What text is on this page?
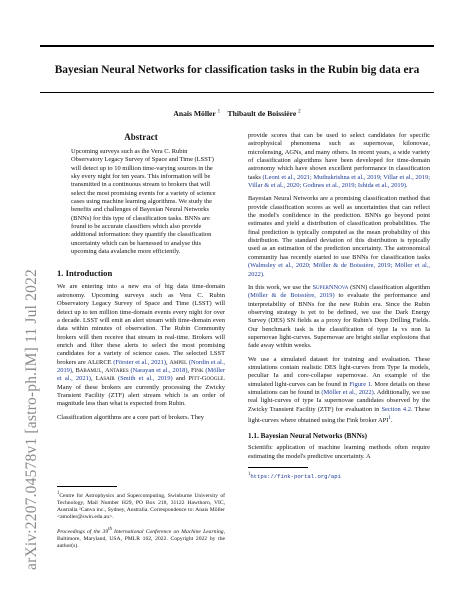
arXiv:2207.04578v1 [astro-ph.IM] 11 Jul 2022
Bayesian Neural Networks for classification tasks in the Rubin big data era
Anais Möller $^1$ Thibault de Boissière $^2$
Abstract
Upcoming surveys such as the Vera C. Rubin Observatory Legacy Survey of Space and Time (LSST) will detect up to 10 million time-varying sources in the sky every night for ten years. This information will be transmitted in a continuous stream to brokers that will select the most promising events for a variety of science cases using machine learning algorithms. We study the benefits and challenges of Bayesian Neural Networks (BNNs) for this type of classification tasks. BNNs are found to be accurate classifiers which also provide additional information: they quantify the classification uncertainty which can be harnessed to analyse this upcoming data avalanche more efficiently.
1. Introduction
We are entering into a new era of big data time-domain astronomy. Upcoming surveys such as Vera C. Rubin Observatory Legacy Survey of Space and Time (LSST) will detect up to ten million time-domain events every night for over a decade. LSST will emit an alert stream with time-domain even data within minutes of observation. The Rubin Community brokers will then receive that stream in real-time. Brokers will enrich and filter these alerts to select the most promising candidates for a variety of science cases. The selected LSST brokers are ALeRCE (Förster et al., 2021), Ampel (Nordin et al., 2019), Babamul, Antares (Narayan et al., 2018), Fink (Möller et al., 2021), Lasair (Smith et al., 2019) and Pitt-Google. Many of these brokers are currently processing the Zwicky Transient Facility (ZTF) alert stream which is an order of magnitude less than what is expected from Rubin.
Classification algorithms are a core part of brokers. They
$^1$Centre for Astrophysics and Supercomputing, Swinburne University of Technology, Mail Number H29, PO Box 218, 31122 Hawthorn, VIC, Australia ²Canva inc., Sydney, Australia. Correspondence to: Anais Möller <amoller@swin.edu.au>.
Proceedings of the 39th International Conference on Machine Learning, Baltimore, Maryland, USA, PMLR 162, 2022. Copyright 2022 by the author(s).
provide scores that can be used to select candidates for specific astrophysical phenomena such as supernovae, kilonovae, microlensing, AGNs, and many others. In recent years, a wide variety of classification algorithms have been developed for time-domain astronomy which have shown excellent performance in classification tasks (Leoni et al., 2021; Muthukrishna et al., 2019; Villar et al., 2019; Villar & et al., 2020; Godines et al., 2019; Ishida et al., 2019).
Bayesian Neural Networks are a promising classification method that provide classification scores as well as uncertainties that can reflect the model's confidence in the prediction. BNNs go beyond point estimates and yield a distribution of classification probabilities. The final prediction is typically computed as the mean probability of this distribution. The standard deviation of this distribution is typically used as an estimation of the prediction uncertainty. The astronomical community has recently started to use BNNs for classification tasks (Walmsley et al., 2020; Möller & de Boissière, 2019; Möller et al., 2022).
In this work, we use the SuperNNova (SNN) classification algorithm (Möller & de Boissière, 2019) to evaluate the performance and interpretability of BNNs for the new Rubin era. Since the Rubin observing strategy is yet to be defined, we use the Dark Energy Survey (DES) SN fields as a proxy for Rubin's Deep Drilling Fields. Our benchmark task is the classification of type Ia vs non Ia supernovae light-curves. Supernovae are bright stellar explosions that fade away within weeks.
We use a simulated dataset for training and evaluation. These simulations contain realistic DES light-curves from Type Ia models, peculiar Ia and core-collapse supernovae. An example of the simulated light-curves can be found in Figure 1. More details on these simulations can be found in (Möller et al., 2022). Additionally, we use real light-curves of type Ia supernovae candidates observed by the Zwicky Transient Facility (ZTF) for evaluation in Section 4.2. These light-curves where obtained using the Fink broker API$^1$.
1.1. Bayesian Neural Networks (BNNs)
Scientific application of machine learning methods often require estimating the model's predictive uncertainty. A
$^1$https://fink-portal.org/api
